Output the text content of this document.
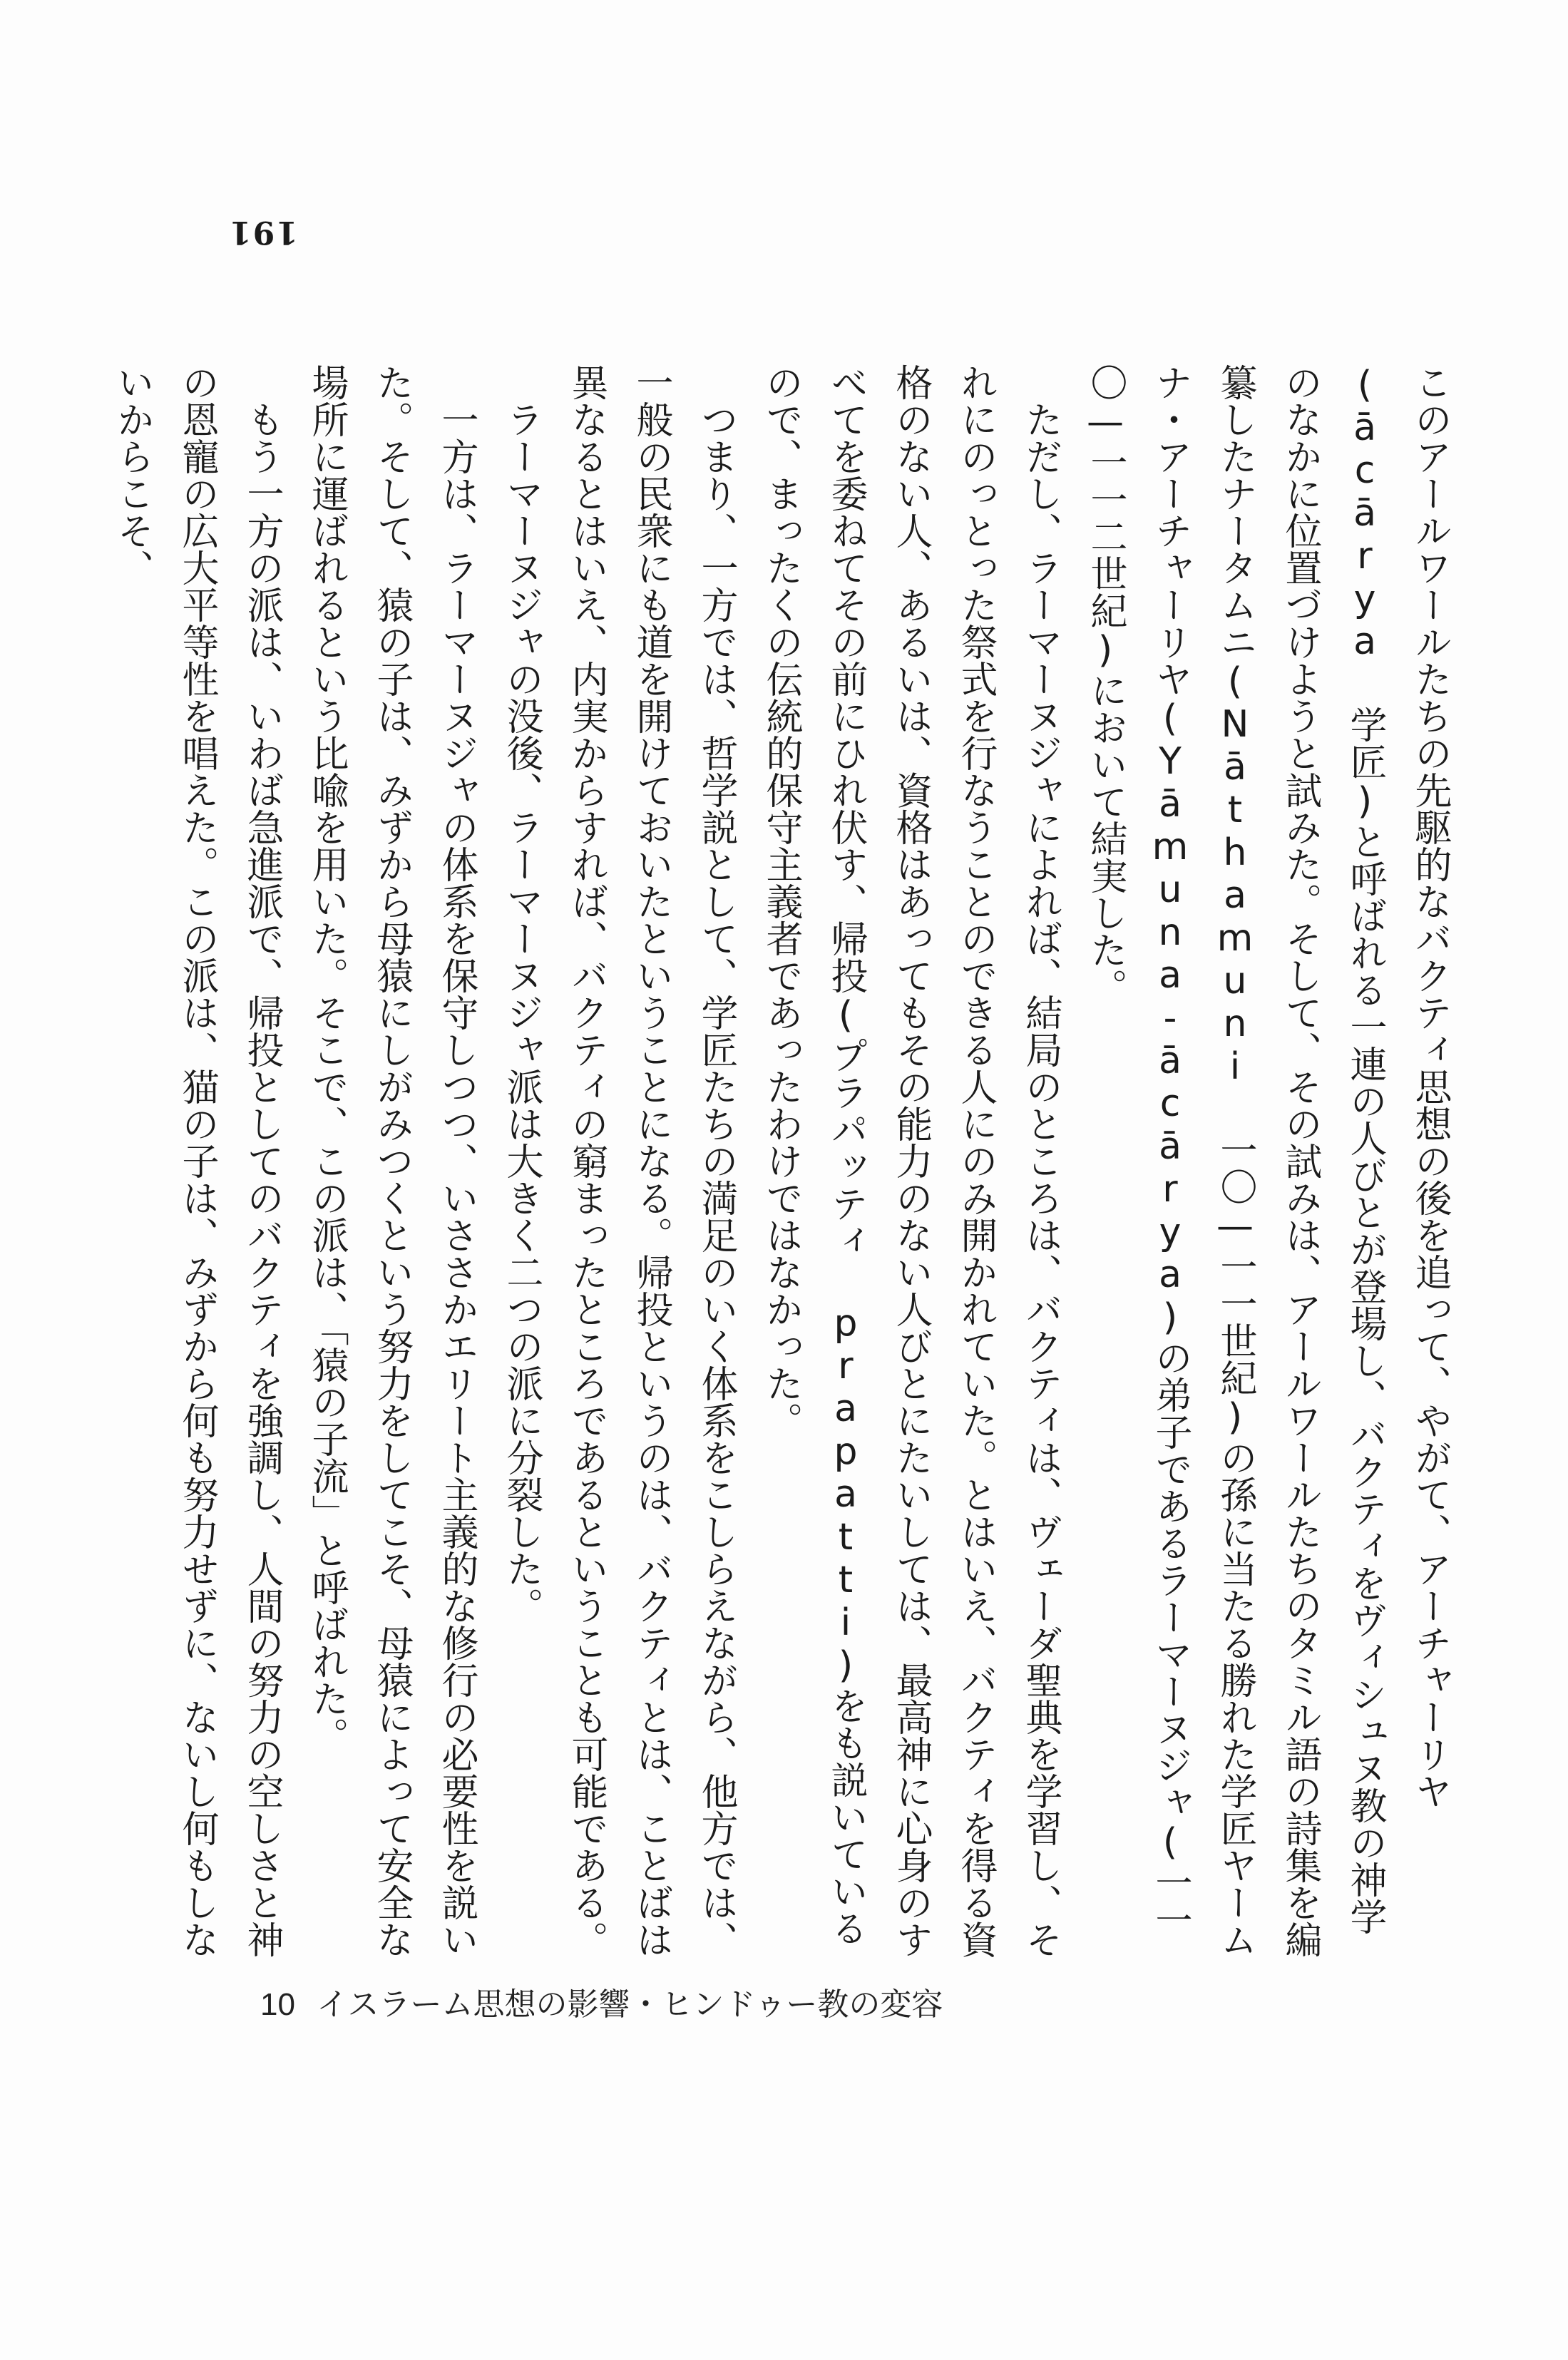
191

このアールワールたちの先駆的なバクティ思想の後を追って、やがて、アーチャーリヤ(ācārya 学匠)と呼ばれる一連の人びとが登場し、バクティをヴィシュヌ教の神学のなかに位置づけようと試みた。そして、その試みは、アールワールたちのタミル語の詩集を編纂したナータムニ(Nāthamuni 一〇—一一世紀)の孫に当たる勝れた学匠ヤームナ・アーチャーリヤ(Yāmuna-ācārya)の弟子であるラーマーヌジャ(一一〇—一一二世紀)において結実した。

ただし、ラーマーヌジャによれば、結局のところは、バクティは、ヴェーダ聖典を学習し、それにのっとった祭式を行なうことのできる人にのみ開かれていた。とはいえ、バクティを得る資格のない人、あるいは、資格はあってもその能力のない人びとにたいしては、最高神に心身のすべてを委ねてその前にひれ伏す、帰投(プラパッティ prapatti)をも説いているので、まったくの伝統的保守主義者であったわけではなかった。

つまり、一方では、哲学説として、学匠たちの満足のいく体系をこしらえながら、他方では、一般の民衆にも道を開けておいたということになる。帰投というのは、バクティとは、ことばは異なるとはいえ、内実からすれば、バクティの窮まったところであるということも可能である。

ラーマーヌジャの没後、ラーマーヌジャ派は大きく二つの派に分裂した。

一方は、ラーマーヌジャの体系を保守しつつ、いささかエリート主義的な修行の必要性を説いた。そして、猿の子は、みずから母猿にしがみつくという努力をしてこそ、母猿によって安全な場所に運ばれるという比喩を用いた。そこで、この派は、「猿の子流」と呼ばれた。

もう一方の派は、いわば急進派で、帰投としてのバクティを強調し、人間の努力の空しさと神の恩寵の広大平等性を唱えた。この派は、猫の子は、みずから何も努力せずに、ないし何もしないからこそ、

10 イスラーム思想の影響・ヒンドゥー教の変容
